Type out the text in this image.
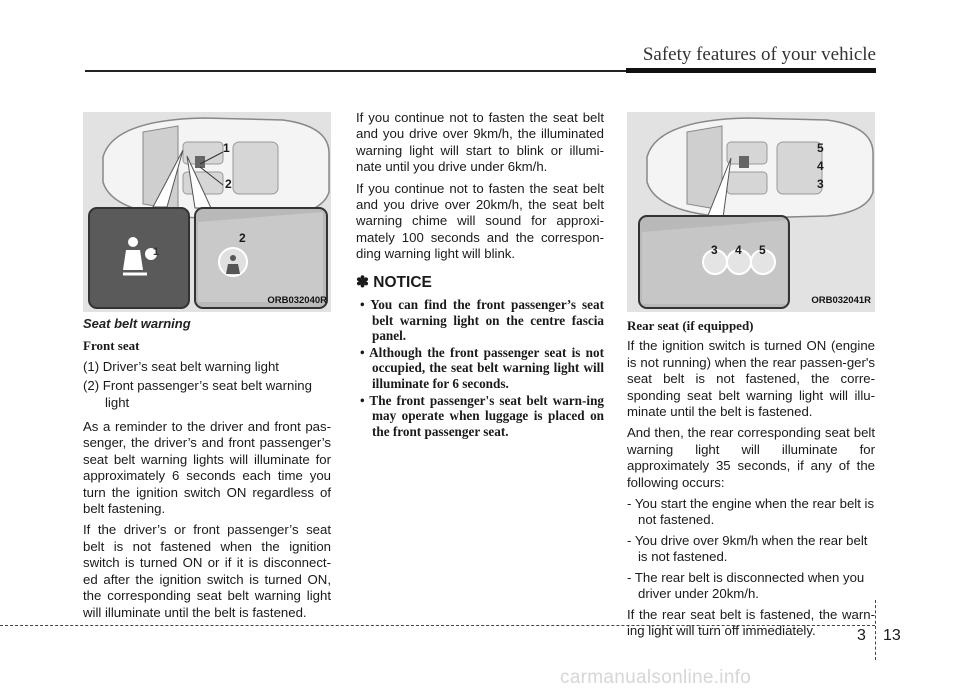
Safety features of your vehicle
1
2
1
2
ORB032040R
Seat belt warning
Front seat
(1) Driver’s seat belt warning light
(2) Front passenger’s seat belt warning light

As a reminder to the driver and front pas-senger, the driver’s and front passenger’s seat belt warning lights will illuminate for approximately 6 seconds each time you turn the ignition switch ON regardless of belt fastening.

If the driver’s or front passenger’s seat belt is not fastened when the ignition switch is turned ON or if it is disconnect-ed after the ignition switch is turned ON, the corresponding seat belt warning light will illuminate until the belt is fastened.

If you continue not to fasten the seat belt and you drive over 9km/h, the illuminated warning light will start to blink or illumi-nate until you drive under 6km/h.

If you continue not to fasten the seat belt and you drive over 20km/h, the seat belt warning chime will sound for approxi-mately 100 seconds and the correspon-ding warning light will blink.

✽ NOTICE
• You can find the front passenger’s seat belt warning light on the centre fascia panel.
• Although the front passenger seat is not occupied, the seat belt warning light will illuminate for 6 seconds.
• The front passenger's seat belt warn-ing may operate when luggage is placed on the front passenger seat.
5
4
3
3 4 5
ORB032041R
Rear seat (if equipped)

If the ignition switch is turned ON (engine is not running) when the rear passen-ger's seat belt is not fastened, the corre-sponding seat belt warning light will illu-minate until the belt is fastened.

And then, the rear corresponding seat belt warning light will illuminate for approximately 35 seconds, if any of the following occurs:

- You start the engine when the rear belt is not fastened.
- You drive over 9km/h when the rear belt is not fastened.
- The rear belt is disconnected when you driver under 20km/h.

If the rear seat belt is fastened, the warn-ing light will turn off immediately.	3 13
carmanualsonline.info
